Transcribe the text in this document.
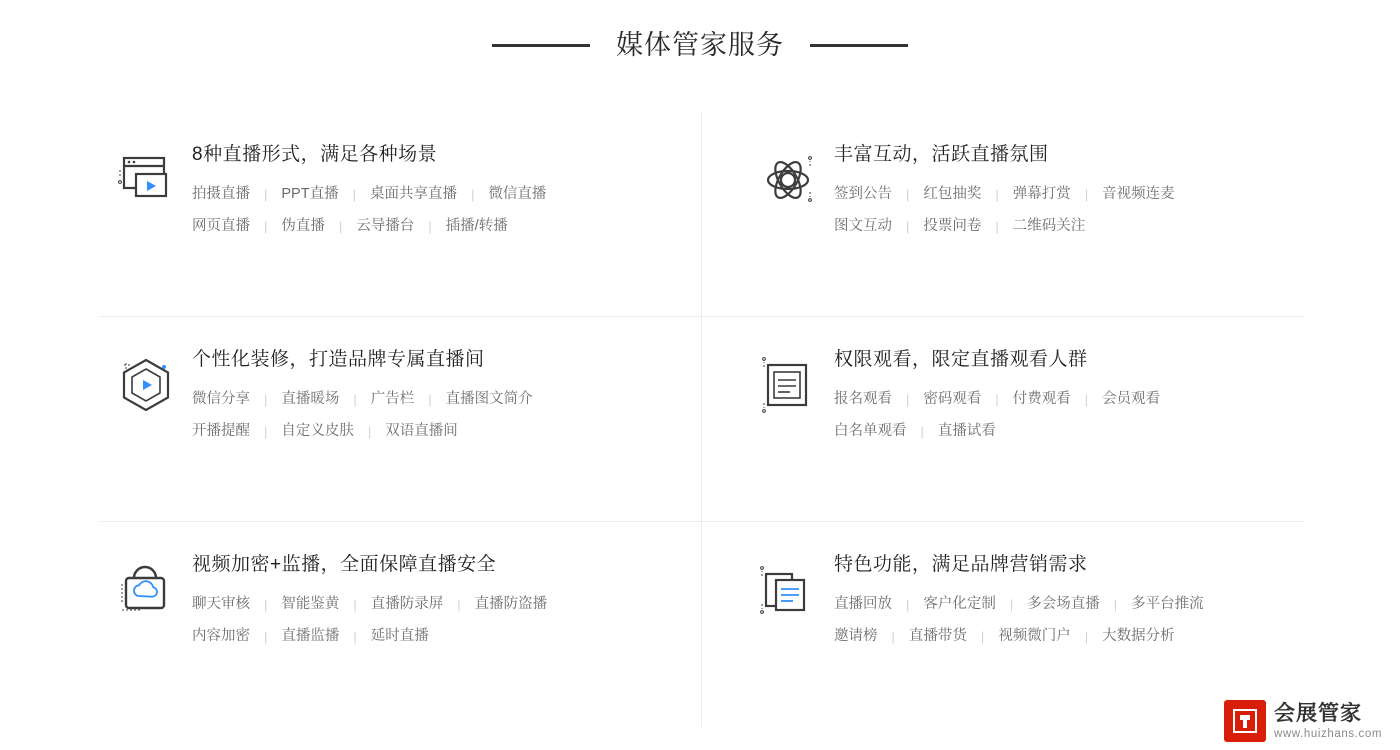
媒体管家服务
8种直播形式，满足各种场景
拍摄直播 | PPT直播 | 桌面共享直播 | 微信直播
网页直播 | 伪直播 | 云导播台 | 插播/转播
丰富互动，活跃直播氛围
签到公告 | 红包抽奖 | 弹幕打赏 | 音视频连麦
图文互动 | 投票问卷 | 二维码关注
个性化装修，打造品牌专属直播间
微信分享 | 直播暖场 | 广告栏 | 直播图文简介
开播提醒 | 自定义皮肤 | 双语直播间
权限观看，限定直播观看人群
报名观看 | 密码观看 | 付费观看 | 会员观看
白名单观看 | 直播试看
视频加密+监播，全面保障直播安全
聊天审核 | 智能鉴黄 | 直播防录屏 | 直播防盗播
内容加密 | 直播监播 | 延时直播
特色功能，满足品牌营销需求
直播回放 | 客户化定制 | 多会场直播 | 多平台推流
邀请榜 | 直播带货 | 视频微门户 | 大数据分析
会展管家
www.huizhans.com
